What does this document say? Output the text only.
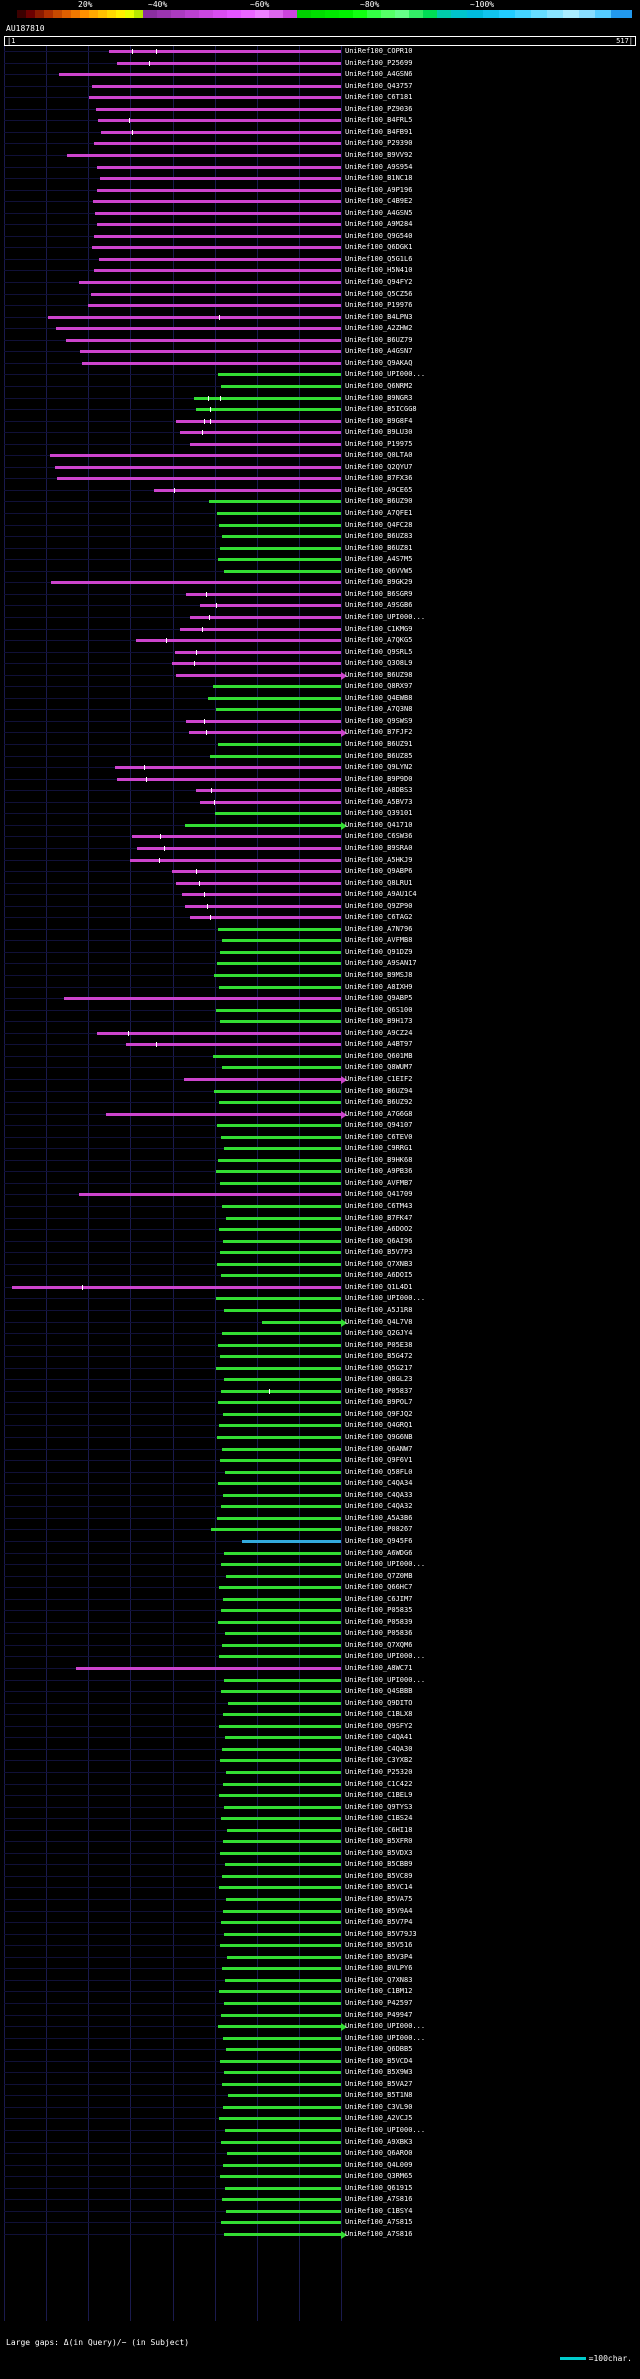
20%	~40%	~60%	~80%	~100%
AU187810
|1	517|
UniRef100_COPR10
UniRef100_P25699
UniRef100_A4GSN6
UniRef100_Q43757
UniRef100_C6T181
UniRef100_PZ9036
UniRef100_B4FRL5
UniRef100_B4FB91
UniRef100_P29390
UniRef100_B9VV92
UniRef100_A9S954
UniRef100_B1NC18
UniRef100_A9P196
UniRef100_C4B9E2
UniRef100_A4GSN5
UniRef100_A9M284
UniRef100_Q9G540
UniRef100_Q6DGK1
UniRef100_Q5G1L6
UniRef100_H5N410
UniRef100_Q94FY2
UniRef100_Q5CZ56
UniRef100_P19976
UniRef100_B4LPN3
UniRef100_A2ZHW2
UniRef100_B6UZ79
UniRef100_A4GSN7
UniRef100_Q9AKAQ
UniRef100_UPI000...
UniRef100_Q6NRM2
UniRef100_B9NGR3
UniRef100_B5ICGG8
UniRef100_B9G8F4
UniRef100_B9LU30
UniRef100_P19975
UniRef100_Q0LTA0
UniRef100_Q2QYU7
UniRef100_B7FX36
UniRef100_A9CE65
UniRef100_B6UZ90
UniRef100_A7QFE1
UniRef100_Q4FC28
UniRef100_B6UZ83
UniRef100_B6UZ81
UniRef100_A4S7M5
UniRef100_Q6VVW5
UniRef100_B9GK29
UniRef100_B6SGR9
UniRef100_A9SGB6
UniRef100_UPI000...
UniRef100_C1KMG9
UniRef100_A7QKG5
UniRef100_Q9SRL5
UniRef100_Q3O8L9
UniRef100_B6UZ98
UniRef100_Q8RX97
UniRef100_Q4EWB8
UniRef100_A7Q3N8
UniRef100_Q9SWS9
UniRef100_B7FJF2
UniRef100_B6UZ91
UniRef100_B6UZ85
UniRef100_Q9LYN2
UniRef100_B9P9D0
UniRef100_A8DBS3
UniRef100_A5BV73
UniRef100_Q39101
UniRef100_Q41710
UniRef100_C6SW36
UniRef100_B9SRA0
UniRef100_A5HKJ9
UniRef100_Q9ABP6
UniRef100_Q8LRU1
UniRef100_A9AU1C4
UniRef100_Q9ZP90
UniRef100_C6TAG2
UniRef100_A7N796
UniRef100_AVFMB8
UniRef100_Q91DZ9
UniRef100_A9SAN17
UniRef100_B9MSJ8
UniRef100_A8IXH9
UniRef100_Q9ABP5
UniRef100_Q6S100
UniRef100_B9H173
UniRef100_A9CZ24
UniRef100_A4BT97
UniRef100_Q601MB
UniRef100_Q8WUM7
UniRef100_C1EIF2
UniRef100_B6UZ94
UniRef100_B6UZ92
UniRef100_A7G6G8
UniRef100_Q94107
UniRef100_C6TEV0
UniRef100_C9RRG1
UniRef100_B9HK68
UniRef100_A9PB36
UniRef100_AVFMB7
UniRef100_Q41709
UniRef100_C6TM43
UniRef100_B7FK47
UniRef100_A6DOO2
UniRef100_Q6AI96
UniRef100_B5V7P3
UniRef100_Q7XNB3
UniRef100_A6DOI5
UniRef100_Q1L4D1
UniRef100_UPI000...
UniRef100_A5J1R8
UniRef100_Q4L7V8
UniRef100_Q2GJY4
UniRef100_P05E38
UniRef100_B5G472
UniRef100_Q5G217
UniRef100_Q8GL23
UniRef100_P05837
UniRef100_B9POL7
UniRef100_Q9FJQ2
UniRef100_Q4GRQ1
UniRef100_Q9G6NB
UniRef100_Q6ANW7
UniRef100_Q9F6V1
UniRef100_Q58FL0
UniRef100_C4QA34
UniRef100_C4QA33
UniRef100_C4QA32
UniRef100_A5A3B6
UniRef100_P08267
UniRef100_Q945F6
UniRef100_A6WDG6
UniRef100_UPI000...
UniRef100_Q7Z0MB
UniRef100_Q66HC7
UniRef100_C6JIM7
UniRef100_P05835
UniRef100_P05839
UniRef100_P05836
UniRef100_Q7XQM6
UniRef100_UPI000...
UniRef100_A8WC71
UniRef100_UPI000...
UniRef100_Q4SBBB
UniRef100_Q9DITO
UniRef100_C1BLX8
UniRef100_Q9SFY2
UniRef100_C4QA41
UniRef100_C4QA30
UniRef100_C3YXB2
UniRef100_P25320
UniRef100_C1C422
UniRef100_C1BEL9
UniRef100_Q9TYS3
UniRef100_C1BS24
UniRef100_C6HI18
UniRef100_B5XFR0
UniRef100_B5VDX3
UniRef100_B5CBB9
UniRef100_B5VC89
UniRef100_B5VC14
UniRef100_B5VA75
UniRef100_B5V9A4
UniRef100_B5V7P4
UniRef100_B5V79J3
UniRef100_B5V516
UniRef100_B5V3P4
UniRef100_BVLPY6
UniRef100_Q7XN83
UniRef100_C1BM12
UniRef100_P42597
UniRef100_P49947
UniRef100_UPI000...
UniRef100_UPI000...
UniRef100_Q6DBB5
UniRef100_B5VCD4
UniRef100_B5X9W3
UniRef100_B5VA27
UniRef100_B5T1N8
UniRef100_C3VL90
UniRef100_A2VCJ5
UniRef100_UPI000...
UniRef100_A9XBK3
UniRef100_Q6ARO0
UniRef100_Q4L009
UniRef100_Q3RM65
UniRef100_Q61915
UniRef100_A7S816
UniRef100_C1BSY4
UniRef100_A7S815
UniRef100_A7S816
Large gaps: Δ(in Query)/− (in Subject)
=100char.
